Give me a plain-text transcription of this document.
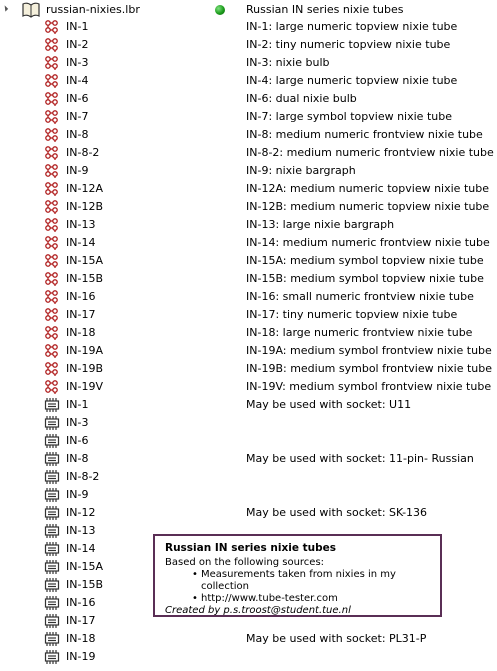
russian-nixies.lbr	Russian IN series nixie tubes
IN-1	IN-1: large numeric topview nixie tube
IN-2	IN-2: tiny numeric topview nixie tube
IN-3	IN-3: nixie bulb
IN-4	IN-4: large numeric topview nixie tube
IN-6	IN-6: dual nixie bulb
IN-7	IN-7: large symbol topview nixie tube
IN-8	IN-8: medium numeric frontview nixie tube
IN-8-2	IN-8-2: medium numeric frontview nixie tube
IN-9	IN-9: nixie bargraph
IN-12A	IN-12A: medium numeric topview nixie tube
IN-12B	IN-12B: medium numeric topview nixie tube
IN-13	IN-13: large nixie bargraph
IN-14	IN-14: medium numeric frontview nixie tube
IN-15A	IN-15A: medium symbol topview nixie tube
IN-15B	IN-15B: medium symbol topview nixie tube
IN-16	IN-16: small numeric frontview nixie tube
IN-17	IN-17: tiny numeric topview nixie tube
IN-18	IN-18: large numeric frontview nixie tube
IN-19A	IN-19A: medium symbol frontview nixie tube
IN-19B	IN-19B: medium symbol frontview nixie tube
IN-19V	IN-19V: medium symbol frontview nixie tube
IN-1	May be used with socket: U11
IN-3
IN-6
IN-8	May be used with socket: 11-pin- Russian
IN-8-2
IN-9
IN-12	May be used with socket: SK-136
IN-13
IN-14
IN-15A
IN-15B
IN-16
IN-17
IN-18	May be used with socket: PL31-P
IN-19
Russian IN series nixie tubes
Based on the following sources:
• Measurements taken from nixies in my collection
• http://www.tube-tester.com
Created by p.s.troost@student.tue.nl
